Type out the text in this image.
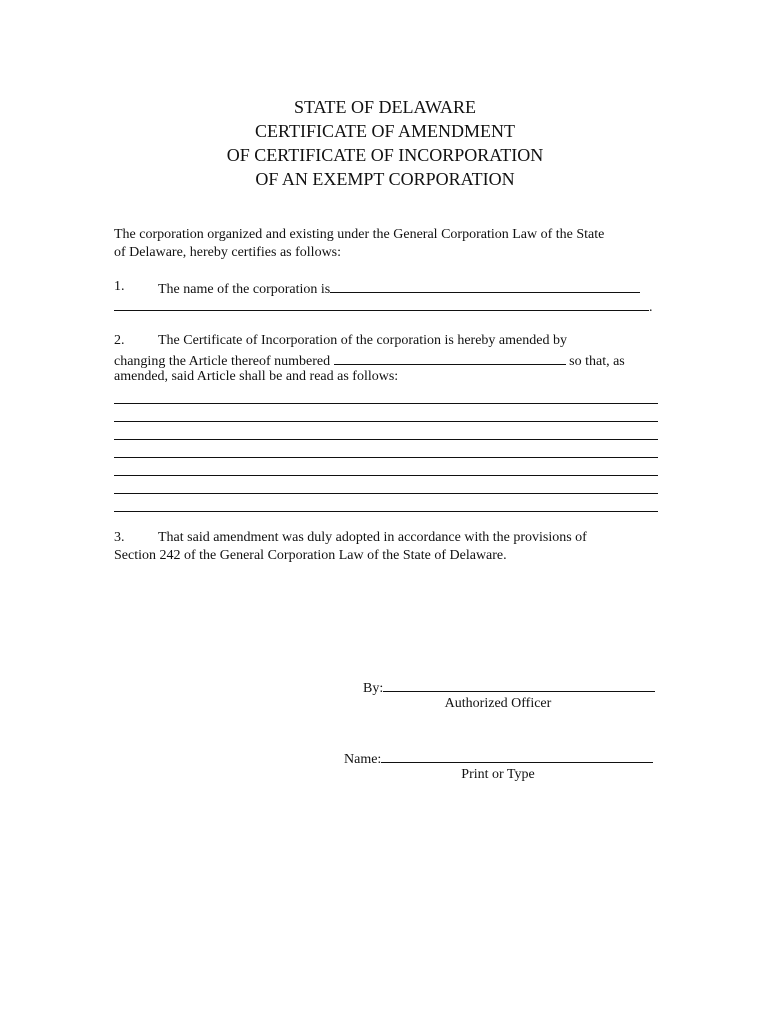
STATE OF DELAWARE
CERTIFICATE OF AMENDMENT
OF CERTIFICATE OF INCORPORATION
OF AN EXEMPT CORPORATION
The corporation organized and existing under the General Corporation Law of the State
of Delaware, hereby certifies as follows:
1. The name of the corporation is
.
2. The Certificate of Incorporation of the corporation is hereby amended by
changing the Article thereof numbered	so that, as
amended, said Article shall be and read as follows:
3. That said amendment was duly adopted in accordance with the provisions of
Section 242 of the General Corporation Law of the State of Delaware.
By:
Authorized Officer
Name:
Print or Type
